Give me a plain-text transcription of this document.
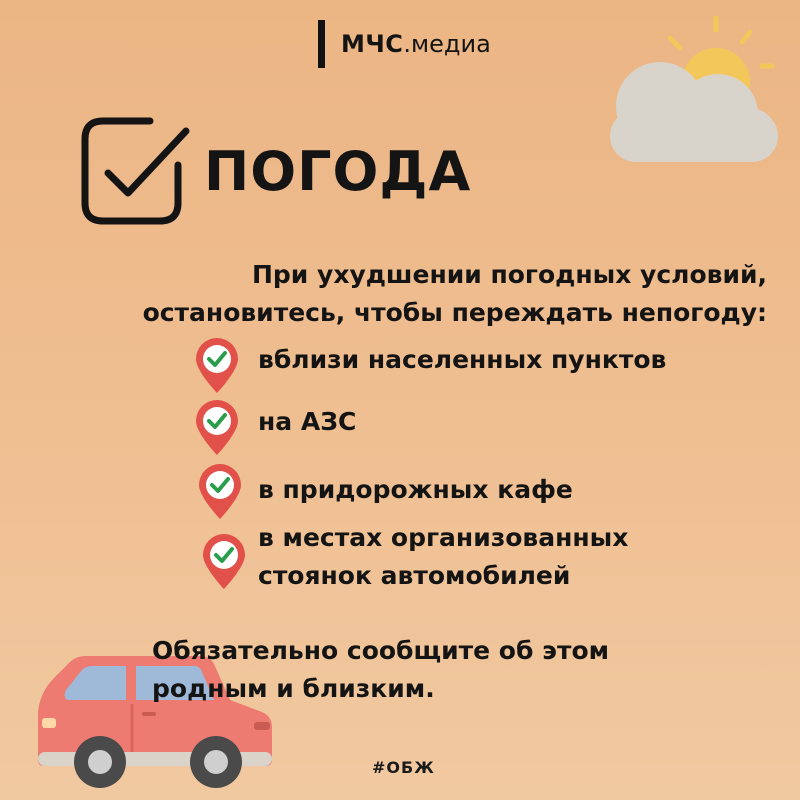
МЧС .медиа
ПОГОДА
При ухудшении погодных условий,
остановитесь, чтобы переждать непогоду:
вблизи населенных пунктов
на АЗС
в придорожных кафе
в местах организованных
стоянок автомобилей
Обязательно сообщите об этом
родным и близким.
#ОБЖ
